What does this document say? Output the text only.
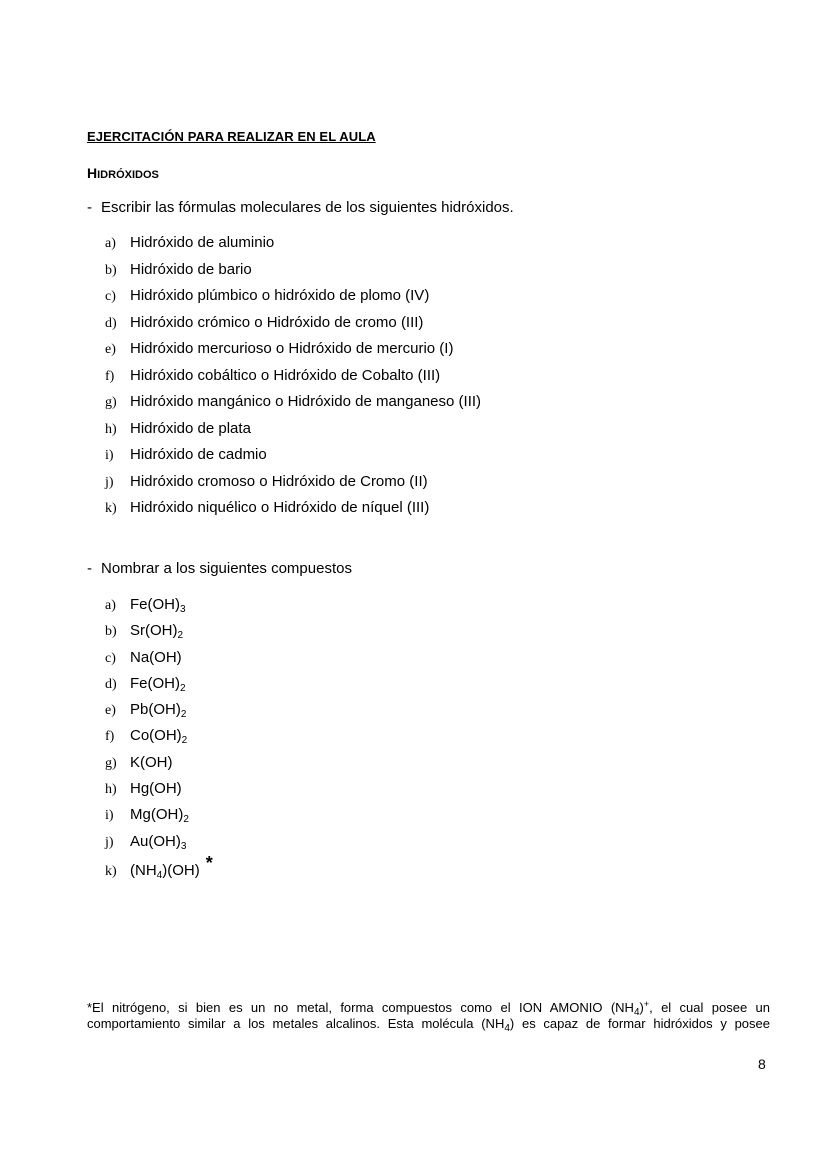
EJERCITACIÓN PARA REALIZAR EN EL AULA
HIDRÓXIDOS
- Escribir las fórmulas moleculares de los siguientes hidróxidos.
a) Hidróxido de aluminio
b) Hidróxido de bario
c) Hidróxido plúmbico o hidróxido de plomo (IV)
d) Hidróxido crómico o Hidróxido de cromo (III)
e) Hidróxido mercurioso o Hidróxido de mercurio (I)
f)	Hidróxido cobáltico o Hidróxido de Cobalto (III)
g) Hidróxido mangánico o Hidróxido de manganeso (III)
h) Hidróxido de plata
i)	Hidróxido de cadmio
j)	Hidróxido cromoso o Hidróxido de Cromo (II)
k) Hidróxido niquélico o Hidróxido de níquel (III)
- Nombrar a los siguientes compuestos
a) $Fe(OH)_3$
b) $Sr(OH)_2$
c) Na(OH)
d) $Fe(OH)_2$
e) $Pb(OH)_2$
f)	$Co(OH)_2$
g) K(OH)
h) Hg(OH)
i)	$Mg(OH)_2$
j)	$Au(OH)_3$
k) $(NH_4)(OH)$ *

*El nitrógeno, si bien es un no metal, forma compuestos como el ION AMONIO $(NH_4)^+$, el cual posee un

comportamiento similar a los metales alcalinos. Esta molécula $(NH_4)$ es capaz de formar hidróxidos y posee

8
